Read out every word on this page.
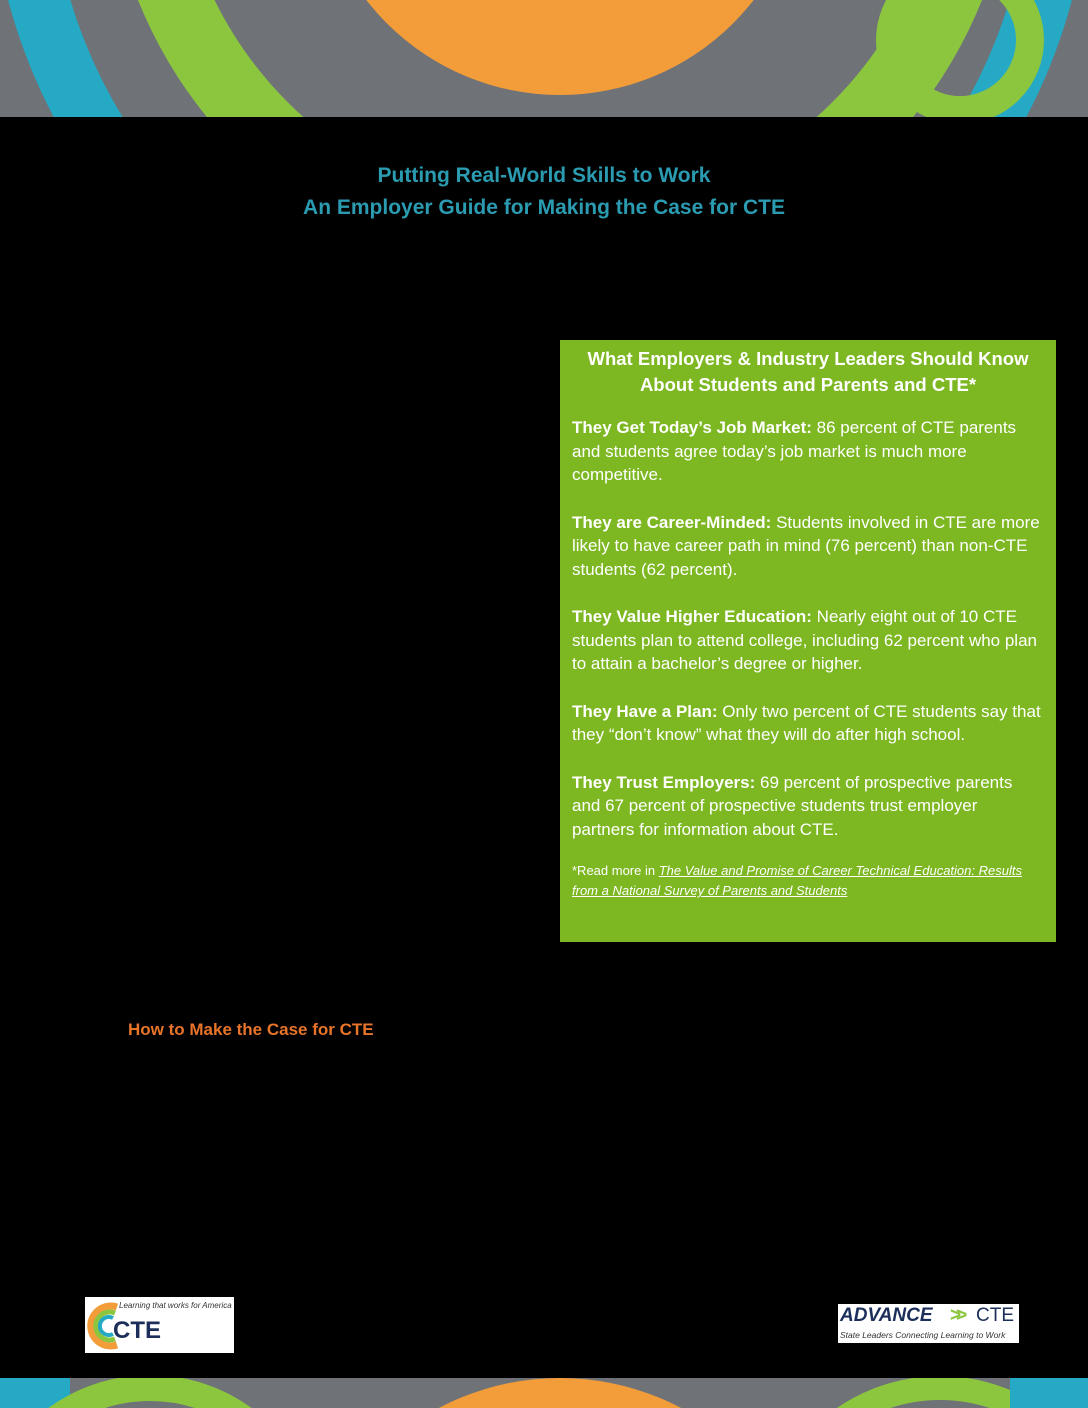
Putting Real-World Skills to Work
An Employer Guide for Making the Case for CTE
What Employers & Industry Leaders Should Know
About Students and Parents and CTE*

They Get Today’s Job Market: 86 percent of CTE parents and students agree today’s job market is much more competitive.

They are Career-Minded: Students involved in CTE are more likely to have career path in mind (76 percent) than non-CTE students (62 percent).

They Value Higher Education: Nearly eight out of 10 CTE students plan to attend college, including 62 percent who plan to attain a bachelor’s degree or higher.

They Have a Plan: Only two percent of CTE students say that they “don’t know” what they will do after high school.

They Trust Employers: 69 percent of prospective parents and 67 percent of prospective students trust employer partners for information about CTE.

*Read more in The Value and Promise of Career Technical Education: Results from a National Survey of Parents and Students
How to Make the Case for CTE
Learning that works for America
CTE
ADVANCE >> CTE
State Leaders Connecting Learning to Work
